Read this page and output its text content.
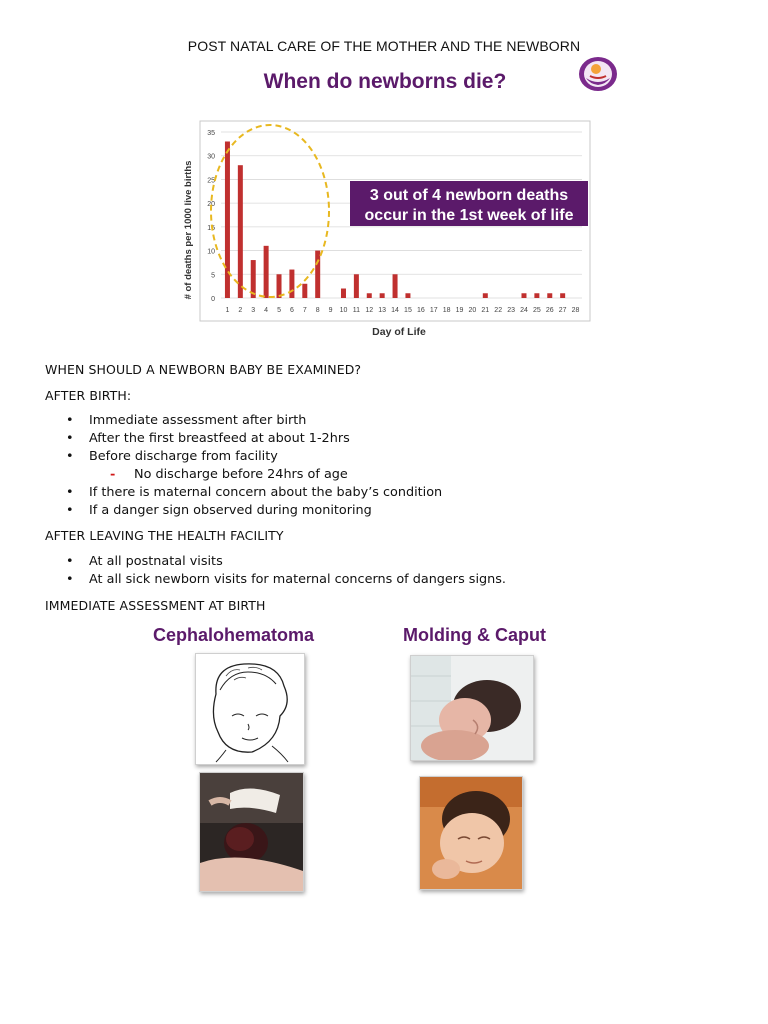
POST NATAL CARE OF THE MOTHER AND THE NEWBORN
When do newborns die?
0
5
10
15
20
25
30
35
1 2 3 4 5 6 7 8 9 10 11 12 13 14 15 16 17 18 19 20 21 22 23 24 25 26 27 28
3 out of 4 newborn deaths
occur in the 1st week of life
Day of Life
# of deaths per 1000 live births
WHEN SHOULD A NEWBORN BABY BE EXAMINED?
AFTER BIRTH:
• Immediate assessment after birth
• After the first breastfeed at about 1-2hrs
• Before discharge from facility
- No discharge before 24hrs of age
• If there is maternal concern about the baby’s condition
• If a danger sign observed during monitoring
AFTER LEAVING THE HEALTH FACILITY
• At all postnatal visits
• At all sick newborn visits for maternal concerns of dangers signs.
IMMEDIATE ASSESSMENT AT BIRTH
Cephalohematoma	Molding & Caput
